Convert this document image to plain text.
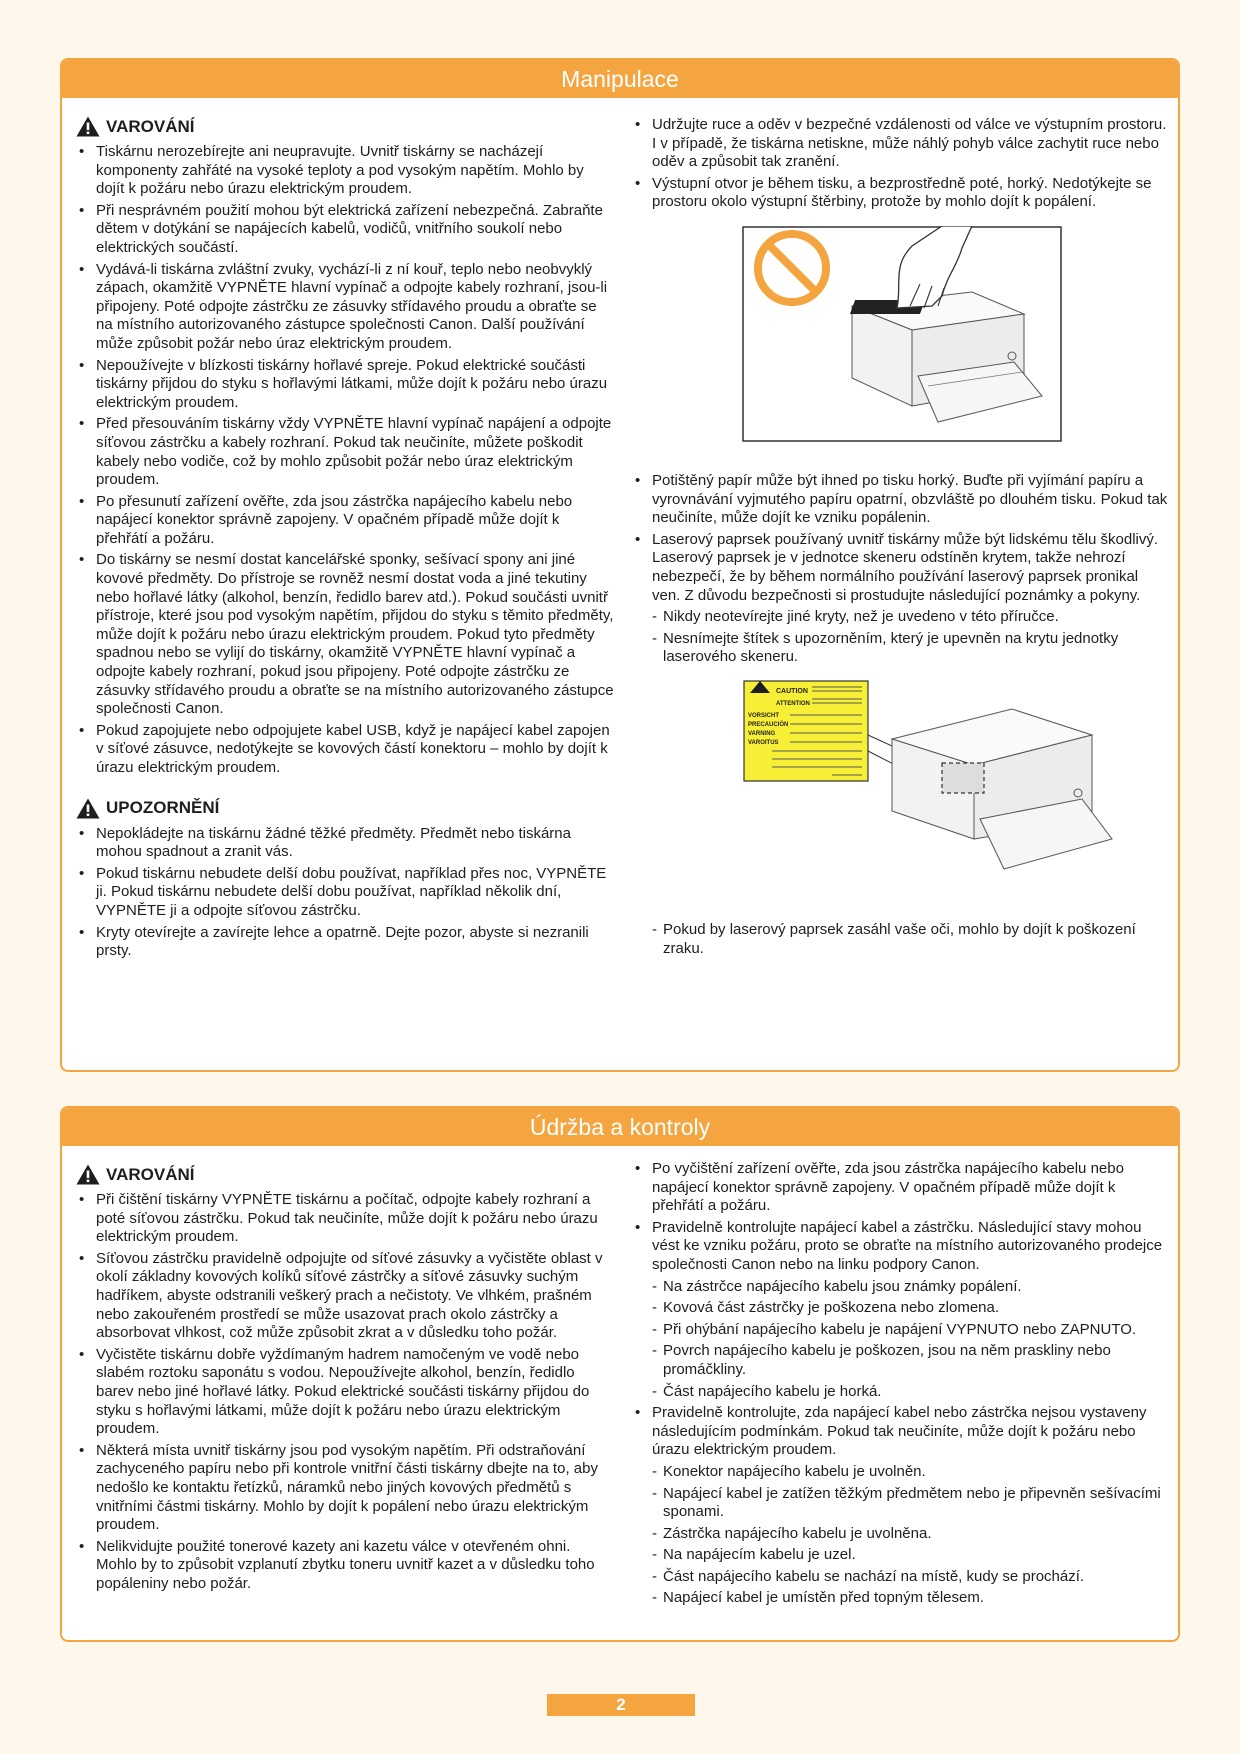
Manipulace
VAROVÁNÍ
• Tiskárnu nerozebírejte ani neupravujte. Uvnitř tiskárny se nacházejí komponenty zahřáté na vysoké teploty a pod vysokým napětím. Mohlo by dojít k požáru nebo úrazu elektrickým proudem.
• Při nesprávném použití mohou být elektrická zařízení nebezpečná. Zabraňte dětem v dotýkání se napájecích kabelů, vodičů, vnitřního soukolí nebo elektrických součástí.
• Vydává-li tiskárna zvláštní zvuky, vychází-li z ní kouř, teplo nebo neobvyklý zápach, okamžitě VYPNĚTE hlavní vypínač a odpojte kabely rozhraní, jsou-li připojeny. Poté odpojte zástrčku ze zásuvky střídavého proudu a obraťte se na místního autorizovaného zástupce společnosti Canon. Další používání může způsobit požár nebo úraz elektrickým proudem.
• Nepoužívejte v blízkosti tiskárny hořlavé spreje. Pokud elektrické součásti tiskárny přijdou do styku s hořlavými látkami, může dojít k požáru nebo úrazu elektrickým proudem.
• Před přesouváním tiskárny vždy VYPNĚTE hlavní vypínač napájení a odpojte síťovou zástrčku a kabely rozhraní. Pokud tak neučiníte, můžete poškodit kabely nebo vodiče, což by mohlo způsobit požár nebo úraz elektrickým proudem.
• Po přesunutí zařízení ověřte, zda jsou zástrčka napájecího kabelu nebo napájecí konektor správně zapojeny. V opačném případě může dojít k přehřátí a požáru.
• Do tiskárny se nesmí dostat kancelářské sponky, sešívací spony ani jiné kovové předměty. Do přístroje se rovněž nesmí dostat voda a jiné tekutiny nebo hořlavé látky (alkohol, benzín, ředidlo barev atd.). Pokud součásti uvnitř přístroje, které jsou pod vysokým napětím, přijdou do styku s těmito předměty, může dojít k požáru nebo úrazu elektrickým proudem. Pokud tyto předměty spadnou nebo se vylijí do tiskárny, okamžitě VYPNĚTE hlavní vypínač a odpojte kabely rozhraní, pokud jsou připojeny. Poté odpojte zástrčku ze zásuvky střídavého proudu a obraťte se na místního autorizovaného zástupce společnosti Canon.
• Pokud zapojujete nebo odpojujete kabel USB, když je napájecí kabel zapojen v síťové zásuvce, nedotýkejte se kovových částí konektoru – mohlo by dojít k úrazu elektrickým proudem.
UPOZORNĚNÍ
• Nepokládejte na tiskárnu žádné těžké předměty. Předmět nebo tiskárna mohou spadnout a zranit vás.
• Pokud tiskárnu nebudete delší dobu používat, například přes noc, VYPNĚTE ji. Pokud tiskárnu nebudete delší dobu používat, například několik dní, VYPNĚTE ji a odpojte síťovou zástrčku.
• Kryty otevírejte a zavírejte lehce a opatrně. Dejte pozor, abyste si nezranili prsty.
• Udržujte ruce a oděv v bezpečné vzdálenosti od válce ve výstupním prostoru. I v případě, že tiskárna netiskne, může náhlý pohyb válce zachytit ruce nebo oděv a způsobit tak zranění.
• Výstupní otvor je během tisku, a bezprostředně poté, horký. Nedotýkejte se prostoru okolo výstupní štěrbiny, protože by mohlo dojít k popálení.
• Potištěný papír může být ihned po tisku horký. Buďte při vyjímání papíru a vyrovnávání vyjmutého papíru opatrní, obzvláště po dlouhém tisku. Pokud tak neučiníte, může dojít ke vzniku popálenin.
• Laserový paprsek používaný uvnitř tiskárny může být lidskému tělu škodlivý. Laserový paprsek je v jednotce skeneru odstíněn krytem, takže nehrozí nebezpečí, že by během normálního používání laserový paprsek pronikal ven. Z důvodu bezpečnosti si prostudujte následující poznámky a pokyny.
- Nikdy neotevírejte jiné kryty, než je uvedeno v této příručce.
- Nesnímejte štítek s upozorněním, který je upevněn na krytu jednotky laserového skeneru.
CAUTION
ATTENTION
VORSICHT
PRECAUCIÓN
VARNING
VAROITUS
- Pokud by laserový paprsek zasáhl vaše oči, mohlo by dojít k poškození zraku.
Údržba a kontroly
VAROVÁNÍ
• Při čištění tiskárny VYPNĚTE tiskárnu a počítač, odpojte kabely rozhraní a poté síťovou zástrčku. Pokud tak neučiníte, může dojít k požáru nebo úrazu elektrickým proudem.
• Síťovou zástrčku pravidelně odpojujte od síťové zásuvky a vyčistěte oblast v okolí základny kovových kolíků síťové zástrčky a síťové zásuvky suchým hadříkem, abyste odstranili veškerý prach a nečistoty. Ve vlhkém, prašném nebo zakouřeném prostředí se může usazovat prach okolo zástrčky a absorbovat vlhkost, což může způsobit zkrat a v důsledku toho požár.
• Vyčistěte tiskárnu dobře vyždímaným hadrem namočeným ve vodě nebo slabém roztoku saponátu s vodou. Nepoužívejte alkohol, benzín, ředidlo barev nebo jiné hořlavé látky. Pokud elektrické součásti tiskárny přijdou do styku s hořlavými látkami, může dojít k požáru nebo úrazu elektrickým proudem.
• Některá místa uvnitř tiskárny jsou pod vysokým napětím. Při odstraňování zachyceného papíru nebo při kontrole vnitřní části tiskárny dbejte na to, aby nedošlo ke kontaktu řetízků, náramků nebo jiných kovových předmětů s vnitřními částmi tiskárny. Mohlo by dojít k popálení nebo úrazu elektrickým proudem.
• Nelikvidujte použité tonerové kazety ani kazetu válce v otevřeném ohni. Mohlo by to způsobit vzplanutí zbytku toneru uvnitř kazet a v důsledku toho popáleniny nebo požár.
• Po vyčištění zařízení ověřte, zda jsou zástrčka napájecího kabelu nebo napájecí konektor správně zapojeny. V opačném případě může dojít k přehřátí a požáru.
• Pravidelně kontrolujte napájecí kabel a zástrčku. Následující stavy mohou vést ke vzniku požáru, proto se obraťte na místního autorizovaného prodejce společnosti Canon nebo na linku podpory Canon.
- Na zástrčce napájecího kabelu jsou známky popálení.
- Kovová část zástrčky je poškozena nebo zlomena.
- Při ohýbání napájecího kabelu je napájení VYPNUTO nebo ZAPNUTO.
- Povrch napájecího kabelu je poškozen, jsou na něm praskliny nebo promáčkliny.
- Část napájecího kabelu je horká.
• Pravidelně kontrolujte, zda napájecí kabel nebo zástrčka nejsou vystaveny následujícím podmínkám. Pokud tak neučiníte, může dojít k požáru nebo úrazu elektrickým proudem.
- Konektor napájecího kabelu je uvolněn.
- Napájecí kabel je zatížen těžkým předmětem nebo je připevněn sešívacími sponami.
- Zástrčka napájecího kabelu je uvolněna.
- Na napájecím kabelu je uzel.
- Část napájecího kabelu se nachází na místě, kudy se prochází.
- Napájecí kabel je umístěn před topným tělesem.
2
